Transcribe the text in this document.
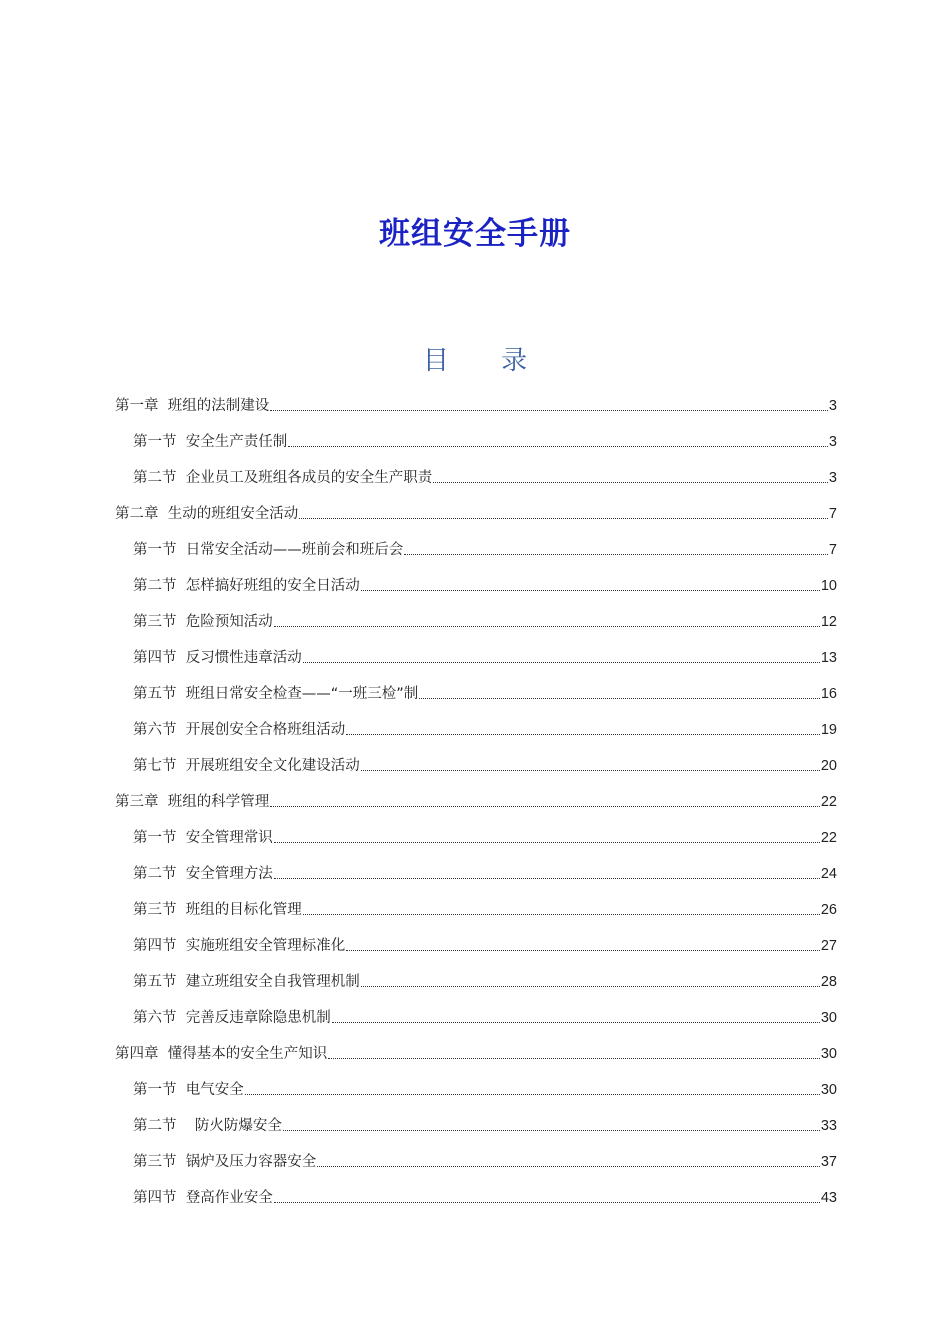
班组安全手册
目 录
第一章  班组的法制建设	3
第一节  安全生产责任制	3
第二节  企业员工及班组各成员的安全生产职责	3
第二章  生动的班组安全活动	7
第一节  日常安全活动——班前会和班后会	7
第二节  怎样搞好班组的安全日活动	10
第三节  危险预知活动	12
第四节  反习惯性违章活动	13
第五节  班组日常安全检查——“一班三检”制	16
第六节  开展创安全合格班组活动	19
第七节  开展班组安全文化建设活动	20
第三章  班组的科学管理	22
第一节  安全管理常识	22
第二节  安全管理方法	24
第三节  班组的目标化管理	26
第四节  实施班组安全管理标准化	27
第五节  建立班组安全自我管理机制	28
第六节  完善反违章除隐患机制	30
第四章  懂得基本的安全生产知识	30
第一节  电气安全	30
第二节    防火防爆安全	33
第三节  锅炉及压力容器安全	37
第四节  登高作业安全	43
